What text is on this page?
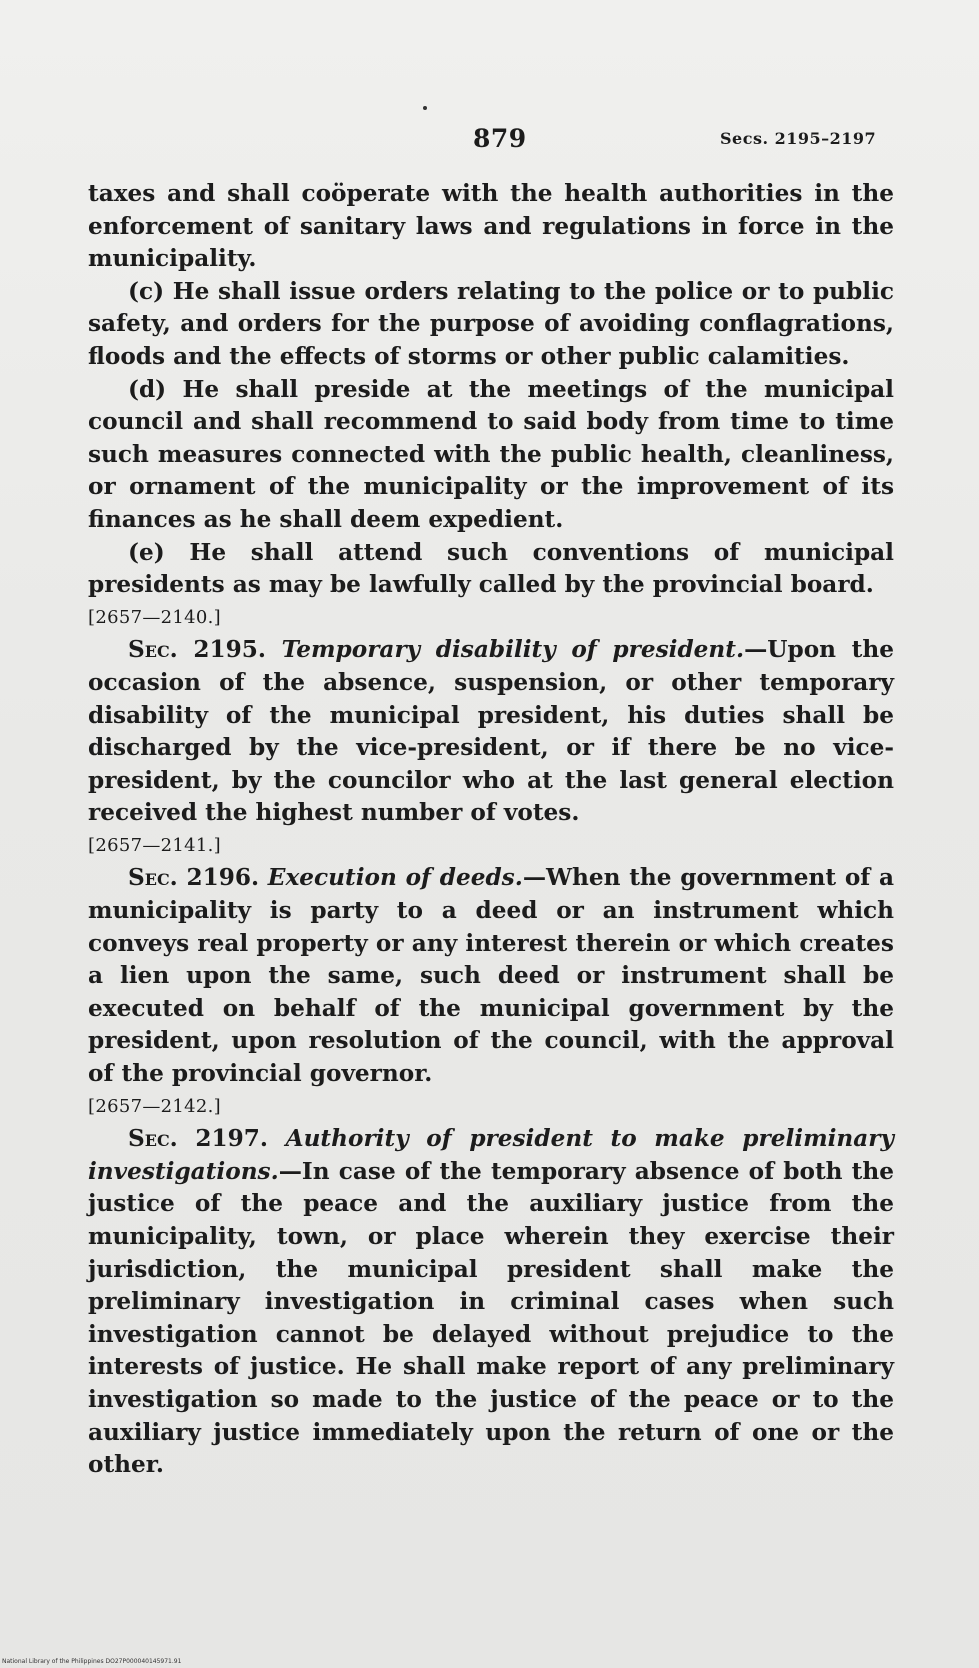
879	Secs. 2195–2197

taxes and shall coöperate with the health authorities in the enforcement of sanitary laws and regulations in force in the municipality.

(c) He shall issue orders relating to the police or to public safety, and orders for the purpose of avoiding conflagrations, floods and the effects of storms or other public calamities.

(d) He shall preside at the meetings of the municipal council and shall recommend to said body from time to time such measures connected with the public health, cleanliness, or ornament of the municipality or the improvement of its finances as he shall deem expedient.

(e) He shall attend such conventions of municipal presidents as may be lawfully called by the provincial board.

[2657—2140.]

Sec. 2195. Temporary disability of president.—Upon the occasion of the absence, suspension, or other temporary disability of the municipal president, his duties shall be discharged by the vice-president, or if there be no vice-president, by the councilor who at the last general election received the highest number of votes.

[2657—2141.]

Sec. 2196. Execution of deeds.—When the government of a municipality is party to a deed or an instrument which conveys real property or any interest therein or which creates a lien upon the same, such deed or instrument shall be executed on behalf of the municipal government by the president, upon resolution of the council, with the approval of the provincial governor.

[2657—2142.]

Sec. 2197. Authority of president to make preliminary investigations.—In case of the temporary absence of both the justice of the peace and the auxiliary justice from the municipality, town, or place wherein they exercise their jurisdiction, the municipal president shall make the preliminary investigation in criminal cases when such investigation cannot be delayed without prejudice to the interests of justice. He shall make report of any preliminary investigation so made to the justice of the peace or to the auxiliary justice immediately upon the return of one or the other.

National Library of the Philippines DO27P000040145971.91
